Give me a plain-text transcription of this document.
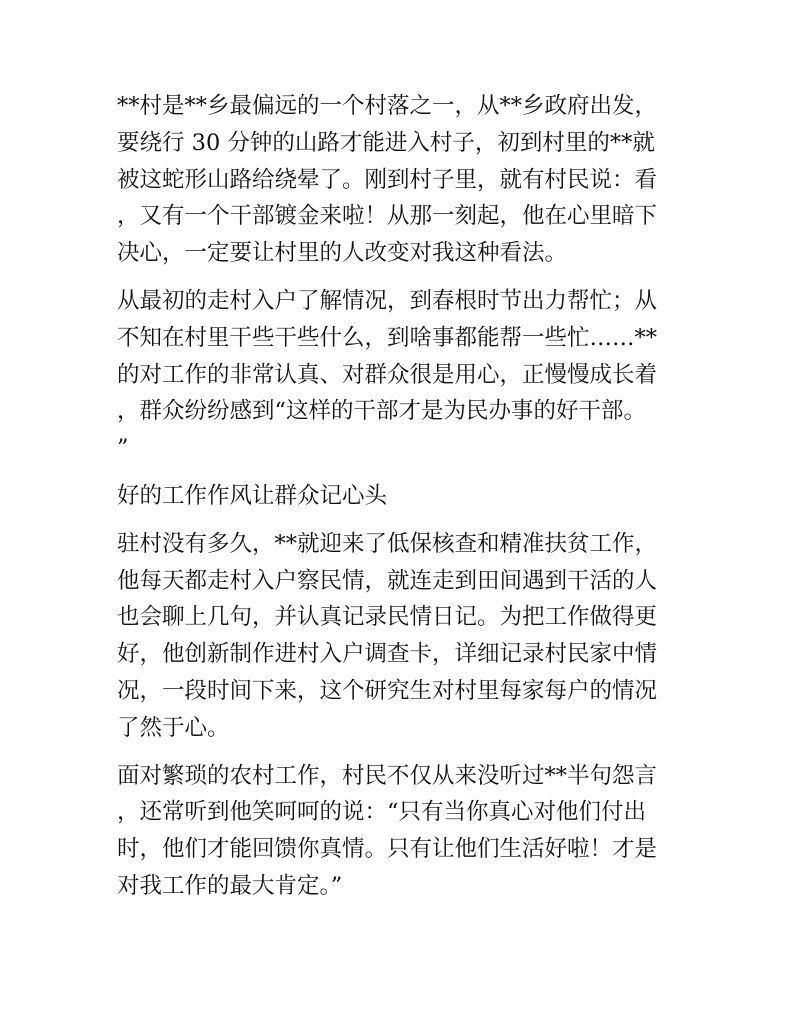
**村是**乡最偏远的一个村落之一，从**乡政府出发，
要绕行 30 分钟的山路才能进入村子，初到村里的**就
被这蛇形山路给绕晕了。刚到村子里，就有村民说：看
，又有一个干部镀金来啦！从那一刻起，他在心里暗下
决心，一定要让村里的人改变对我这种看法。
从最初的走村入户了解情况，到春根时节出力帮忙；从
不知在村里干些干些什么，到啥事都能帮一些忙……**
的对工作的非常认真、对群众很是用心，正慢慢成长着
，群众纷纷感到“这样的干部才是为民办事的好干部。
”
好的工作作风让群众记心头
驻村没有多久，**就迎来了低保核查和精准扶贫工作，
他每天都走村入户察民情，就连走到田间遇到干活的人
也会聊上几句，并认真记录民情日记。为把工作做得更
好，他创新制作进村入户调查卡，详细记录村民家中情
况，一段时间下来，这个研究生对村里每家每户的情况
了然于心。
面对繁琐的农村工作，村民不仅从来没听过**半句怨言
，还常听到他笑呵呵的说：“只有当你真心对他们付出
时，他们才能回馈你真情。只有让他们生活好啦！才是
对我工作的最大肯定。”
